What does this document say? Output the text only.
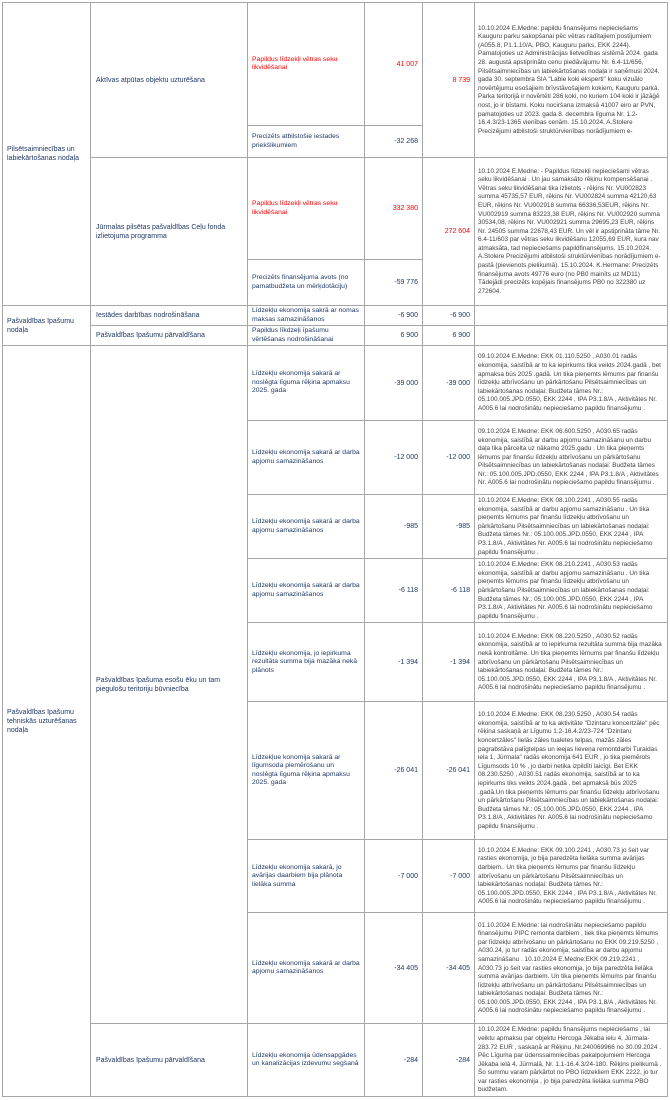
Pilsētsaimniecības un labiekārtošanas nodaļa	Aktīvas atpūtas objektu uzturēšana	Papildus līdzekļi vētras seku likvidēšanai	41 007	8 739	10.10.2024 E.Medne: papildu finansējums nepieciešams Kauguru parku sakopšanai pēc vētras radītajiem postījumiem (A055.8, P1.1.10/A, PBO, Kauguru parks, EKK 2244). Pamatojoties uz Administrācijas lietvedības sistēmā 2024. gada 28. augustā apstiprināto cenu piedāvājumu Nr. 6.4-11/656, Pilsētsaimniecības un labiekārtošanas nodaļa ir saņēmusi 2024. gada 30. septembra SIA "Labie koki eksperti" koku vizuālo novērtējumu esošajiem brīvstāvošajiem kokiem, Kauguru parkā. Parka teritorijā ir novērtēti 286 koki, no kuriem 104 koki ir jāzāģē nost, jo ir bīstami. Koku nociršana izmaksā 41007 eiro ar PVN, pamatojoties uz 2023. gada 8. decembra līguma Nr. 1.2-16.4.3/23-1365 vienības cenām. 15.10.2024. A.Stolere Precizējumi atbilstoši struktūrvienības norādījumiem e-
		Precizēts atbilstošie iestades priekšlikumiem	-32 268		
	Jūrmalas pilsētas pašvaldības Ceļu fonda izlietojuma programma	Papildus līdzekļi vētras seku likvidēšanai	332 380	272 604	10.10.2024 E.Medne: - Papildus līdzekļi nepieciešami vētras seku likvidēšanai . Un jau samaksāto rēķinu kompensēšanai . Vētras seku likvidēšanai tika izlietots - rēķins Nr. VU002823 summa 45735,57 EUR, rēķins Nr. VU002824 summa 42120,63 EUR, rēķins Nr. VU002918 summa 66336,53EUR, rēķins Nr. VU002919 summa 83223,38 EUR, rēķins Nr. VU002920 summa 30534,08, rēķins Nr. VU002921 summa 29695,23 EUR, rēķins Nr. 24505 summa 22678,43 EUR. Un vēl ir apstiprināta tāme Nr. 6.4-11/603 par vētras seku likvidēšanu 12055,69 EUR, kura nav atmaksāta, tad nepieciešams papildfinansējums. 15.10.2024. A.Stolere Precizējumi atbilstoši struktūrvienības norādījumiem e-pastā (pievienots pielikumā). 15.10.2024. K.Hermane: Precizēts finansējuma avots 49776 euro (no PB0 mainīts uz MD11) Tādejādi precizēts kopējais finansējums PB0 no 322380 uz 272604.
		Precizēts finansējuma avots (no pamatbudžeta un mērķdotāciju)	-59 776		
Pašvaldības īpašumu nodaļa	Iestādes darbības nodrošināšana	Līdzekļu ekonomija sakrā ar nomas maksas samazināšanos	-6 900	-6 900	
	Pašvaldības īpašumu pārvaldīšana	Papildus līkdzeļi īpašumu vērtēšanas nodrošināšanai	6 900	6 900	
Pašvaldības īpašumu tehniskās uzturēšanas nodaļa	Pašvaldības īpašuma esošu ēku un tam piegulošu teritoriju būvniecība	Līdzekļu ekonomija sakarā ar noslēgta līguma rēķina apmaksu 2025. gada	-39 000	-39 000	09.10.2024 E.Medne: EKK 01.110.5250 , A030.01 radās ekonomija, saistībā ar to ka iepirkums tika veikts 2024.gadā , bet apmaksa būs 2025 .gadā. Un tika pieņemts lēmums par finanšu līdzekļu atbrīvošanu un pārkārtošanu Pilsētsaimniecības un labiekārtošanas nodaļai: Budžeta tāmes Nr.: 05.100.005.JPD.0550, EKK 2244 , IPA P3.1.8/A , Aktivitātes Nr. A005.6 lai nodrošinātu nepieciešamo papildu finansējumu .
		Līdzekļu ekonomija sakarā ar darba apjomu samazināšanos	-12 000	-12 000	09.10.2024 E.Medne: EKK 06.600.5250 , A030.65 radās ekonomija, saistībā ar darbu apjomu samazināšanu un darbu daļa tika pārcelta uz nākamo 2025.gadu . Un tika pieņemts lēmums par finanšu līdzekļu atbrīvošanu un pārkārtošanu Pilsētsaimniecības un labiekārtošanas nodaļai: Budžeta tāmes Nr.: 05.100.005.JPD.0550, EKK 2244 , IPA P3.1.8/A , Aktivitātes Nr. A005.6 lai nodrošinātu nepieciešamo papildu finansējumu .
		Līdzekļu ekonomija sakarā ar darba apjomu samazināšanos	-985	-985	10.10.2024 E.Medne: EKK 08.100.2241 , A030.55 radās ekonomija, saistībā ar darbu apjomu samazināšanu . Un tika pieņemts lēmums par finanšu līdzekļu atbrīvošanu un pārkārtošanu Pilsētsaimniecības un labiekārtošanas nodaļai: Budžeta tāmes Nr.: 05.100.005.JPD.0550, EKK 2244 , IPA P3.1.8/A , Aktivitātes Nr. A005.6 lai nodrošinātu nepieciešamo papildu finansējumu .
		Līdzekļu ekonomija sakarā ar darba apjomu samazināšanos	-6 118	-6 118	10.10.2024 E.Medne: EKK 08.210.2241 , A030.53 radās ekonomija, saistībā ar darbu apjomu samazināšanu . Un tika pieņemts lēmums par finanšu līdzekļu atbrīvošanu un pārkārtošanu Pilsētsaimniecības un labiekārtošanas nodaļai: Budžeta tāmes Nr.: 05.100.005.JPD.0550, EKK 2244 , IPA P3.1.8/A , Aktivitātes Nr. A005.6 lai nodrošinātu nepieciešamo papildu finansējumu .
		Līdzekļu ekonomija, jo iepirkuma rezultāta summa bija mazāka nekā plānots	-1 394	-1 394	10.10.2024 E.Medne: EKK 08.220.5250 , A030.52 radās ekonomija, saistībā ar to iepirkuma rezultāta summa bija mazāka nekā kontroltāme. Un tika pieņemts lēmums par finanšu līdzekļu atbrīvošanu un pārkārtošanu Pilsētsaimniecības un labiekārtošanas nodaļai: Budžeta tāmes Nr.: 05.100.005.JPD.0550, EKK 2244 , IPA P3.1.8/A , Aktivitātes Nr. A005.6 lai nodrošinātu nepieciešamo papildu finansējumu .
		Līdzekļue konomija sakarā ar līgumsoda piemērošanu un noslēgta līguma rēķina apmaksu 2025. gada	-26 041	-26 041	10.10.2024 E.Medne: EKK 08.230.5250 , A030.54 radās ekonomija, saistībā ar to ka aktivitāte "Dzintaru koncertzāle" pēc rēķina saskaņā ar Līgumu 1.2-16.4.2/23-724 "Dzintaru koncertzāles" lielās zāles tualetes telpas, mazās zāles pagrabstāva palīgtelpas un ieejas lieveņa remontdarbi Turaidas iela 1, Jūrmala" radās ekonomija 641 EUR , jo tika piemērots Līgumsods 10 % , jo darbi netika izpildīti laicīgi. Bet EKK 08.230.5250 , A030.51 radās ekonomija, saistībā ar to ka iepirkums tiks veikts 2024.gadā , bet apmaksā būs 2025 .gadā.Un tika pieņemts lēmums par finanšu līdzekļu atbrīvošanu un pārkārtošanu Pilsētsaimniecības un labiekārtošanas nodaļai: Budžeta tāmes Nr.: 05.100.005.JPD.0550, EKK 2244 , IPA P3.1.8/A , Aktivitātes Nr. A005.6 lai nodrošinātu nepieciešamo papildu finansējumu .
		Līdzekļu ekonomija sakarā, jo avārijas daarbiem bija plānota lielāka summa	-7 000	-7 000	10.10.2024 E.Medne: EKK 09.100.2241 , A030.73 jo šeit var rasties ekonomija, jo bija paredzēta lielāka summa avārijas darbiem.. Un tika pieņemts lēmums par finanšu līdzekļu atbrīvošanu un pārkārtošanu Pilsētsaimniecības un labiekārtošanas nodaļai: Budžeta tāmes Nr.: 05.100.005.JPD.0550, EKK 2244 , IPA P3.1.8/A , Aktivitātes Nr. A005.6 lai nodrošinātu nepieciešamo papildu finansējumu .
		Līdzekļu ekonomija sakarā ar darba apjomu samazināšanos	-34 405	-34 405	01.10.2024 E.Medne: lai nodrošinātu nepieciešamo papildu finansējumu PIPC remonta darbiem , tiek tika pieņemts lēmums par līdzekļu atbrīvošanu un pārkārtošanu no EKK 09.219.5250 , A030.24, jo tur radās ekonomija, saistība ar darbu apjomu samazināšanu . 10.10.2024 E.Medne:EKK 09.219.2241 , A030.73 jo šeit var rasties ekonomija, jo bija paredzēta lielāka summa avārijas darbiem. Un tika pieņemts lēmums par finanšu līdzekļu atbrīvošanu un pārkārtošanu Pilsētsaimniecības un labiekārtošanas nodaļai: Budžeta tāmes Nr.: 05.100.005.JPD.0550, EKK 2244 , IPA P3.1.8/A , Aktivitātes Nr. A005.6 lai nodrošinātu nepieciešamo papildu finansējumu .
	Pašvaldības īpašumu pārvaldīšana	Līdzekļu ekonomija ūdensapgādes un kanalizācijas izdevumu segšanā	-284	-284	10.10.2024 E.Medne: papildu finansējums nepieciešams , lai veiktu apmaksu par objektu Hercoga Jēkaba ielu 4, Jūrmala-283.72 EUR , saskaņā ar Rēķinu .Nr.240069966 no 30.09.2024 . Pēc Līguma par ūdenssaimniecības pakalpojumiem Hercoga Jēkaba ielā 4, Jūrmalā, Nr. 1.1-16.4.3/24-180. Rēķins pielikumā . Šo summu varam pārkārtot no PBO līdzekliem EKK 2222, jo tur var rasties ekonomija , jo bija paredzēta lielāka summa PBO budžetam.
